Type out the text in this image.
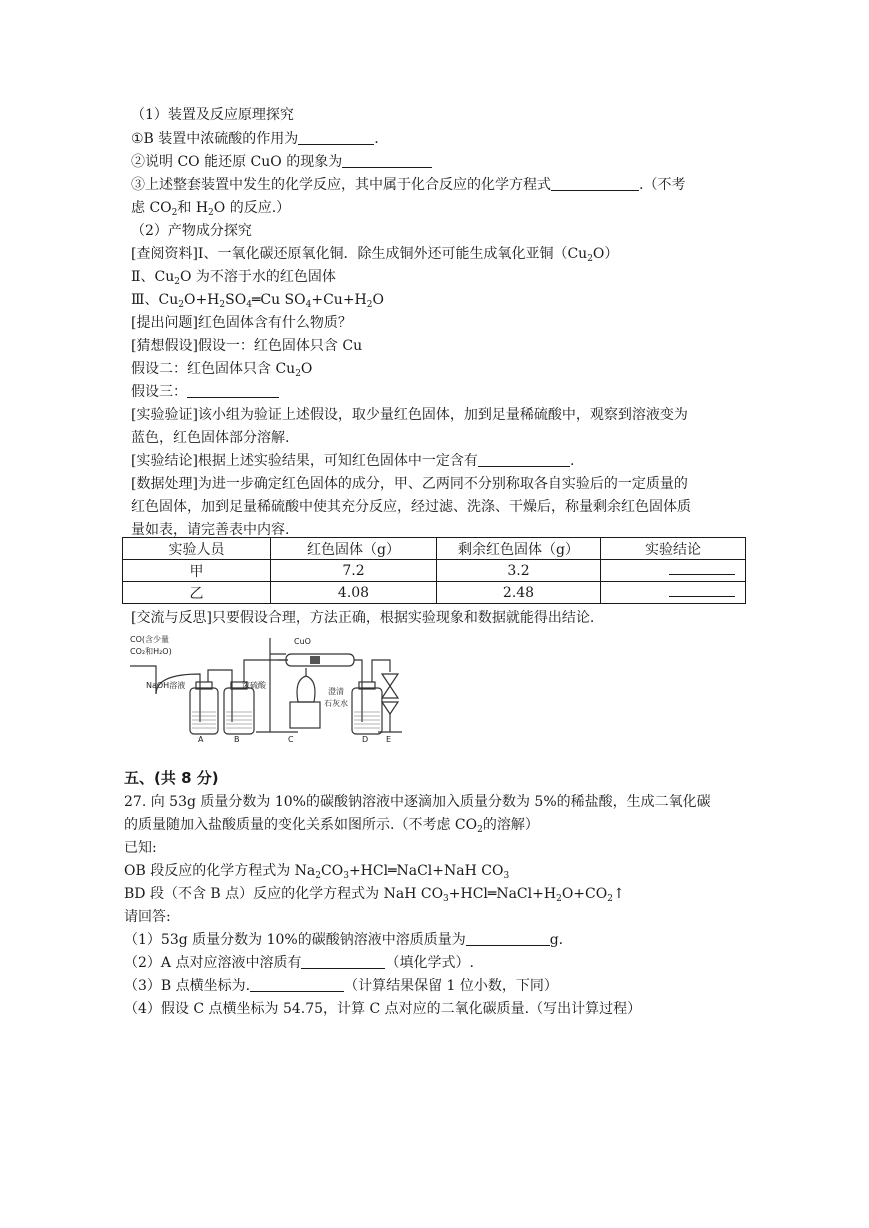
（1）装置及反应原理探究
①B 装置中浓硫酸的作用为	.
②说明 CO 能还原 CuO 的现象为
③上述整套装置中发生的化学反应，其中属于化合反应的化学方程式	.（不考
虑 $CO_2$和 $H_2O$ 的反应.）
（2）产物成分探究
[查阅资料]Ⅰ、一氧化碳还原氧化铜．除生成铜外还可能生成氧化亚铜$(Cu_2O)$
Ⅱ、$Cu_2O$ 为不溶于水的红色固体
Ⅲ、$Cu_2O+H_2SO_4═Cu$ $SO_4+Cu+H_2O$
[提出问题]红色固体含有什么物质？
[猜想假设]假设一：红色固体只含 Cu
假设二：红色固体只含 $Cu_2O$
假设三：
[实验验证]该小组为验证上述假设，取少量红色固体，加到足量稀硫酸中，观察到溶液变为
蓝色，红色固体部分溶解.
[实验结论]根据上述实验结果，可知红色固体中一定含有	.
[数据处理]为进一步确定红色固体的成分，甲、乙两同不分别称取各自实验后的一定质量的
红色固体，加到足量稀硫酸中使其充分反应，经过滤、洗涤、干燥后，称量剩余红色固体质
量如表，请完善表中内容.
实验人员	红色固体（g）	剩余红色固体（g）	实验结论
甲	7.2	3.2	
乙	4.08	2.48	
[交流与反思]只要假设合理，方法正确，根据实验现象和数据就能得出结论.
CO(含少量
CO₂和H₂O)
NaOH溶液	浓硫酸
CuO
澄清
石灰水
A	B	C	D E
五、(共 8 分)
27. 向 53g 质量分数为 10%的碳酸钠溶液中逐滴加入质量分数为 5%的稀盐酸，生成二氧化碳
的质量随加入盐酸质量的变化关系如图所示.（不考虑 $CO_2$的溶解）
已知:
OB 段反应的化学方程式为 $Na_2CO_3+HCl═NaCl+NaH$ $CO_3$
BD 段（不含 B 点）反应的化学方程式为 NaH $CO_3+HCl═NaCl+H_2O+CO_2↑$
请回答:
（1）53g 质量分数为 10%的碳酸钠溶液中溶质质量为	g.
（2）A 点对应溶液中溶质有	（填化学式）.
（3）B 点横坐标为.	（计算结果保留 1 位小数，下同）
（4）假设 C 点横坐标为 54.75，计算 C 点对应的二氧化碳质量.（写出计算过程）
